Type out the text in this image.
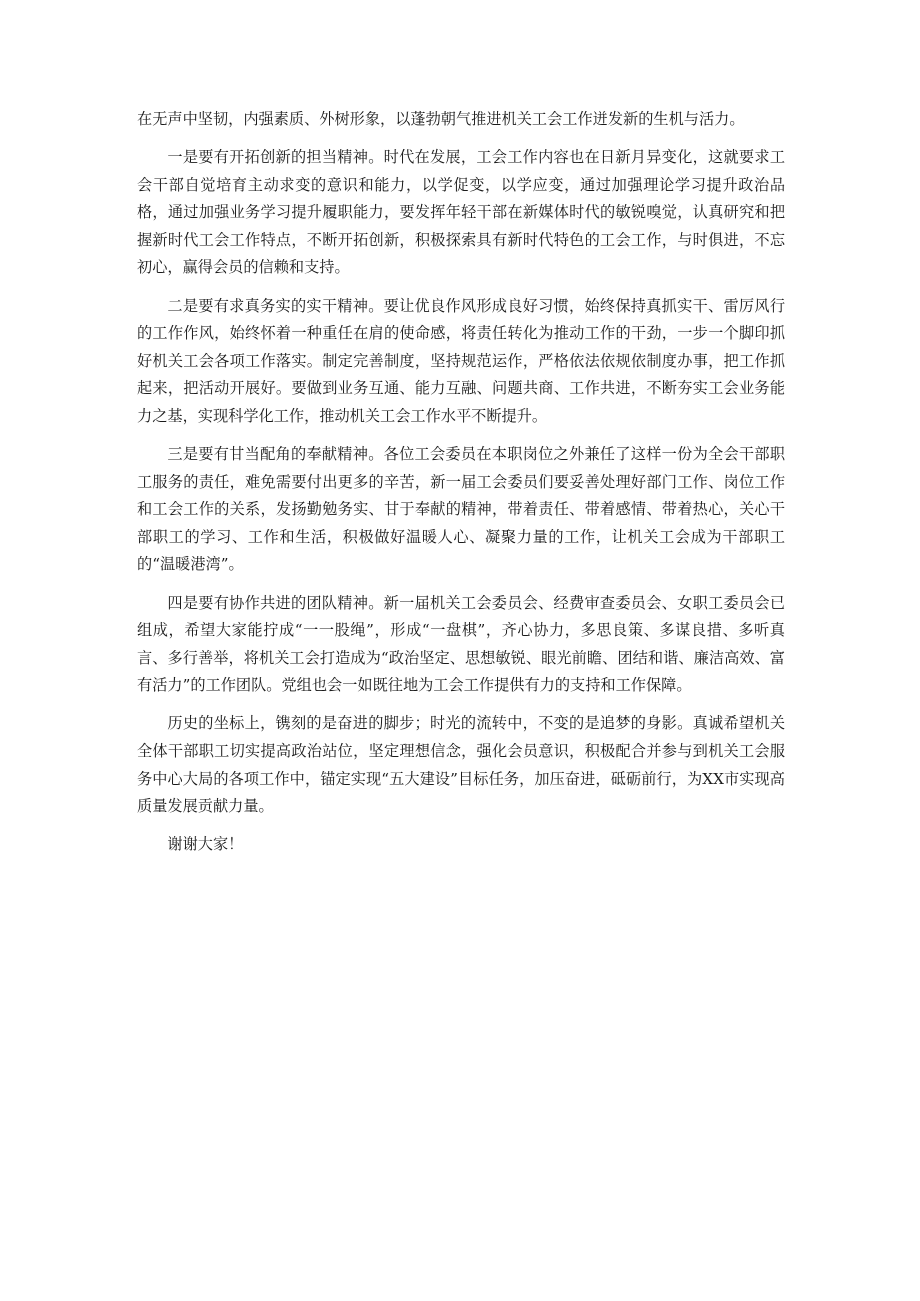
在无声中坚韧，内强素质、外树形象，以蓬勃朝气推进机关工会工作迸发新的生机与活力。

一是要有开拓创新的担当精神。时代在发展，工会工作内容也在日新月异变化，这就要求工会干部自觉培育主动求变的意识和能力，以学促变，以学应变，通过加强理论学习提升政治品格，通过加强业务学习提升履职能力，要发挥年轻干部在新媒体时代的敏锐嗅觉，认真研究和把握新时代工会工作特点，不断开拓创新，积极探索具有新时代特色的工会工作，与时俱进，不忘初心，赢得会员的信赖和支持。

二是要有求真务实的实干精神。要让优良作风形成良好习惯，始终保持真抓实干、雷厉风行的工作作风，始终怀着一种重任在肩的使命感，将责任转化为推动工作的干劲，一步一个脚印抓好机关工会各项工作落实。制定完善制度，坚持规范运作，严格依法依规依制度办事，把工作抓起来，把活动开展好。要做到业务互通、能力互融、问题共商、工作共进，不断夯实工会业务能力之基，实现科学化工作，推动机关工会工作水平不断提升。

三是要有甘当配角的奉献精神。各位工会委员在本职岗位之外兼任了这样一份为全会干部职工服务的责任，难免需要付出更多的辛苦，新一届工会委员们要妥善处理好部门工作、岗位工作和工会工作的关系，发扬勤勉务实、甘于奉献的精神，带着责任、带着感情、带着热心，关心干部职工的学习、工作和生活，积极做好温暖人心、凝聚力量的工作，让机关工会成为干部职工的“温暖港湾”。

四是要有协作共进的团队精神。新一届机关工会委员会、经费审查委员会、女职工委员会已组成，希望大家能拧成“一一股绳”，形成“一盘棋”，齐心协力，多思良策、多谋良措、多听真言、多行善举，将机关工会打造成为“政治坚定、思想敏锐、眼光前瞻、团结和谐、廉洁高效、富有活力”的工作团队。党组也会一如既往地为工会工作提供有力的支持和工作保障。

历史的坐标上，镌刻的是奋进的脚步；时光的流转中，不变的是追梦的身影。真诚希望机关全体干部职工切实提高政治站位，坚定理想信念，强化会员意识，积极配合并参与到机关工会服务中心大局的各项工作中，锚定实现“五大建设”目标任务，加压奋进，砥砺前行，为XX市实现高质量发展贡献力量。

谢谢大家！
